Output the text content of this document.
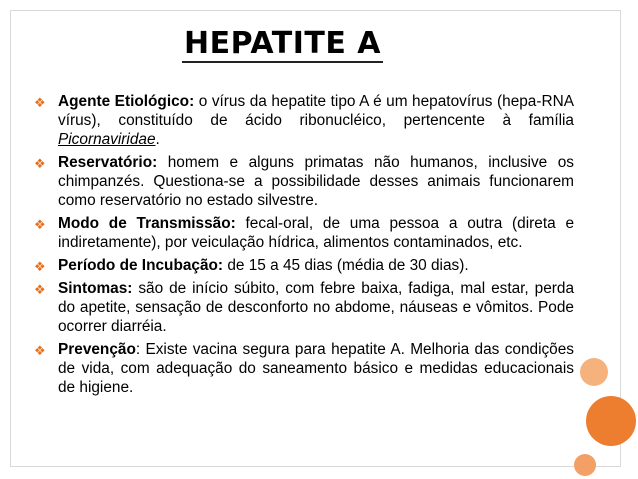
HEPATITE A
❖ Agente Etiológico: o vírus da hepatite tipo A é um hepatovírus (hepa-RNA vírus), constituído de ácido ribonucléico, pertencente à família Picornaviridae.
❖ Reservatório: homem e alguns primatas não humanos, inclusive os chimpanzés. Questiona-se a possibilidade desses animais funcionarem como reservatório no estado silvestre.
❖ Modo de Transmissão: fecal-oral, de uma pessoa a outra (direta e indiretamente), por veiculação hídrica, alimentos contaminados, etc.
❖ Período de Incubação: de 15 a 45 dias (média de 30 dias).
❖ Sintomas: são de início súbito, com febre baixa, fadiga, mal estar, perda do apetite, sensação de desconforto no abdome, náuseas e vômitos. Pode ocorrer diarréia.
❖ Prevenção: Existe vacina segura para hepatite A. Melhoria das condições de vida, com adequação do saneamento básico e medidas educacionais de higiene.
